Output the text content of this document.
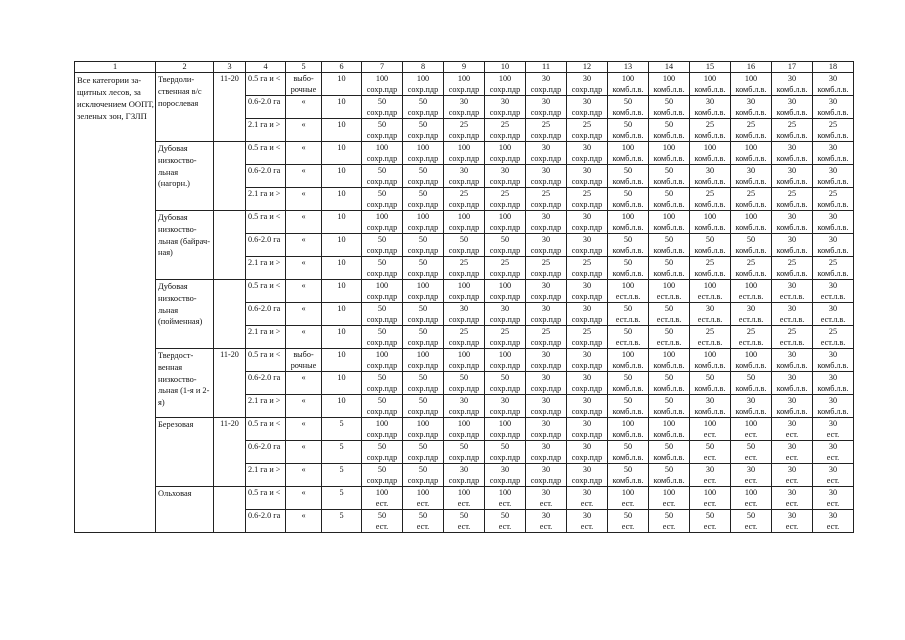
1	2	3	4	5	6	7	8	9	10	11	12	13	14	15	16	17	18
Все категории защитных лесов, за исключением ООПТ, зеленых зон, ГЗЛП	Твердолиственная в/с порослевая	11-20	0.5 га и <	выборочные	10	100
сохр.пдр	100
сохр.пдр	100
сохр.пдр	100
сохр.пдр	30
сохр.пдр	30
сохр.пдр	100
комб.л.в.	100
комб.л.в.	100
комб.л.в.	100
комб.л.в.	30
комб.л.в.	30
комб.л.в.

			0.6-2.0 га	«	10	50
сохр.пдр	50
сохр.пдр	30
сохр.пдр	30
сохр.пдр	30
сохр.пдр	30
сохр.пдр	50
комб.л.в.	50
комб.л.в.	30
комб.л.в.	30
комб.л.в.	30
комб.л.в.	30
комб.л.в.

			2.1 га и >	«	10	50
сохр.пдр	50
сохр.пдр	25
сохр.пдр	25
сохр.пдр	25
сохр.пдр	25
сохр.пдр	50
комб.л.в.	50
комб.л.в.	25
комб.л.в.	25
комб.л.в.	25
комб.л.в.	25
комб.л.в.

	Дубовая низкоствольная (нагорн.)		0.5 га и <	«	10	100
сохр.пдр	100
сохр.пдр	100
сохр.пдр	100
сохр.пдр	30
сохр.пдр	30
сохр.пдр	100
комб.л.в.	100
комб.л.в.	100
комб.л.в.	100
комб.л.в.	30
комб.л.в.	30
комб.л.в.

			0.6-2.0 га	«	10	50
сохр.пдр	50
сохр.пдр	30
сохр.пдр	30
сохр.пдр	30
сохр.пдр	30
сохр.пдр	50
комб.л.в.	50
комб.л.в.	30
комб.л.в.	30
комб.л.в.	30
комб.л.в.	30
комб.л.в.

			2.1 га и >	«	10	50
сохр.пдр	50
сохр.пдр	25
сохр.пдр	25
сохр.пдр	25
сохр.пдр	25
сохр.пдр	50
комб.л.в.	50
комб.л.в.	25
комб.л.в.	25
комб.л.в.	25
комб.л.в.	25
комб.л.в.

	Дубовая низкоствольная (байрачная)		0.5 га и <	«	10	100
сохр.пдр	100
сохр.пдр	100
сохр.пдр	100
сохр.пдр	30
сохр.пдр	30
сохр.пдр	100
комб.л.в.	100
комб.л.в.	100
комб.л.в.	100
комб.л.в.	30
комб.л.в.	30
комб.л.в.

			0.6-2.0 га	«	10	50
сохр.пдр	50
сохр.пдр	50
сохр.пдр	50
сохр.пдр	30
сохр.пдр	30
сохр.пдр	50
комб.л.в.	50
комб.л.в.	50
комб.л.в.	50
комб.л.в.	30
комб.л.в.	30
комб.л.в.

			2.1 га и >	«	10	50
сохр.пдр	50
сохр.пдр	25
сохр.пдр	25
сохр.пдр	25
сохр.пдр	25
сохр.пдр	50
комб.л.в.	50
комб.л.в.	25
комб.л.в.	25
комб.л.в.	25
комб.л.в.	25
комб.л.в.

	Дубовая низкоствольная (пойменная)		0.5 га и <	«	10	100
сохр.пдр	100
сохр.пдр	100
сохр.пдр	100
сохр.пдр	30
сохр.пдр	30
сохр.пдр	100
ест.л.в.	100
ест.л.в.	100
ест.л.в.	100
ест.л.в.	30
ест.л.в.	30
ест.л.в.

			0.6-2.0 га	«	10	50
сохр.пдр	50
сохр.пдр	30
сохр.пдр	30
сохр.пдр	30
сохр.пдр	30
сохр.пдр	50
ест.л.в.	50
ест.л.в.	30
ест.л.в.	30
ест.л.в.	30
ест.л.в.	30
ест.л.в.

			2.1 га и >	«	10	50
сохр.пдр	50
сохр.пдр	25
сохр.пдр	25
сохр.пдр	25
сохр.пдр	25
сохр.пдр	50
ест.л.в.	50
ест.л.в.	25
ест.л.в.	25
ест.л.в.	25
ест.л.в.	25
ест.л.в.

	Твердоственная низкоствольная (1-я и 2-я)	11-20	0.5 га и <	выборочные	10	100
сохр.пдр	100
сохр.пдр	100
сохр.пдр	100
сохр.пдр	30
сохр.пдр	30
сохр.пдр	100
комб.л.в.	100
комб.л.в.	100
комб.л.в.	100
комб.л.в.	30
комб.л.в.	30
комб.л.в.

			0.6-2.0 га	«	10	50
сохр.пдр	50
сохр.пдр	50
сохр.пдр	50
сохр.пдр	30
сохр.пдр	30
сохр.пдр	50
комб.л.в.	50
комб.л.в.	50
комб.л.в.	50
комб.л.в.	30
комб.л.в.	30
комб.л.в.

			2.1 га и >	«	10	50
сохр.пдр	50
сохр.пдр	30
сохр.пдр	30
сохр.пдр	30
сохр.пдр	30
сохр.пдр	50
комб.л.в.	50
комб.л.в.	30
комб.л.в.	30
комб.л.в.	30
комб.л.в.	30
комб.л.в.

	Березовая	11-20	0.5 га и <	«	5	100
сохр.пдр	100
сохр.пдр	100
сохр.пдр	100
сохр.пдр	30
сохр.пдр	30
сохр.пдр	100
комб.л.в.	100
комб.л.в.	100
ест.	100
ест.	30
ест.	30
ест.

			0.6-2.0 га	«	5	50
сохр.пдр	50
сохр.пдр	50
сохр.пдр	50
сохр.пдр	30
сохр.пдр	30
сохр.пдр	50
комб.л.в.	50
комб.л.в.	50
ест.	50
ест.	30
ест.	30
ест.

			2.1 га и >	«	5	50
сохр.пдр	50
сохр.пдр	30
сохр.пдр	30
сохр.пдр	30
сохр.пдр	30
сохр.пдр	50
комб.л.в.	50
комб.л.в.	30
ест.	30
ест.	30
ест.	30
ест.

	Ольховая		0.5 га и <	«	5	100
ест.	100
ест.	100
ест.	100
ест.	30
ест.	30
ест.	100
ест.	100
ест.	100
ест.	100
ест.	30
ест.	30
ест.

			0.6-2.0 га	«	5	50
ест.	50
ест.	50
ест.	50
ест.	30
ест.	30
ест.	50
ест.	50
ест.	50
ест.	50
ест.	30
ест.	30
ест.
